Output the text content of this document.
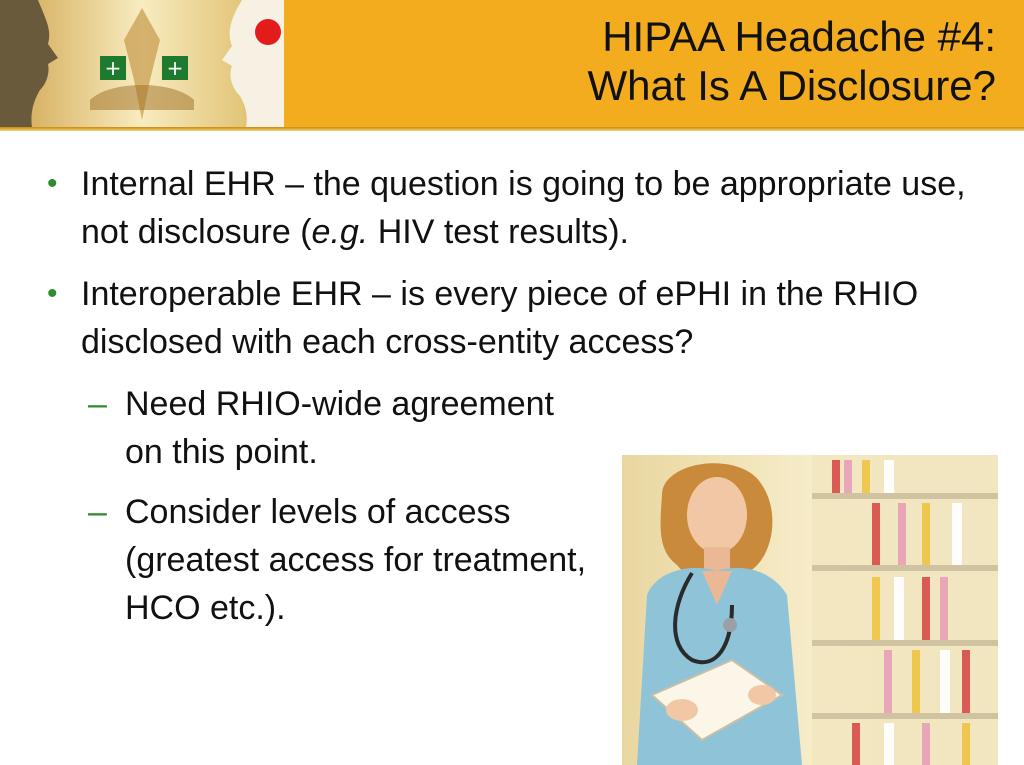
+ +
HIPAA Headache #4:
What Is A Disclosure?
• Internal EHR – the question is going to be appropriate use, not disclosure (e.g. HIV test results).
• Interoperable EHR – is every piece of ePHI in the RHIO disclosed with each cross-entity access?
– Need RHIO-wide agreement on this point.
– Consider levels of access (greatest access for treatment, HCO etc.).
